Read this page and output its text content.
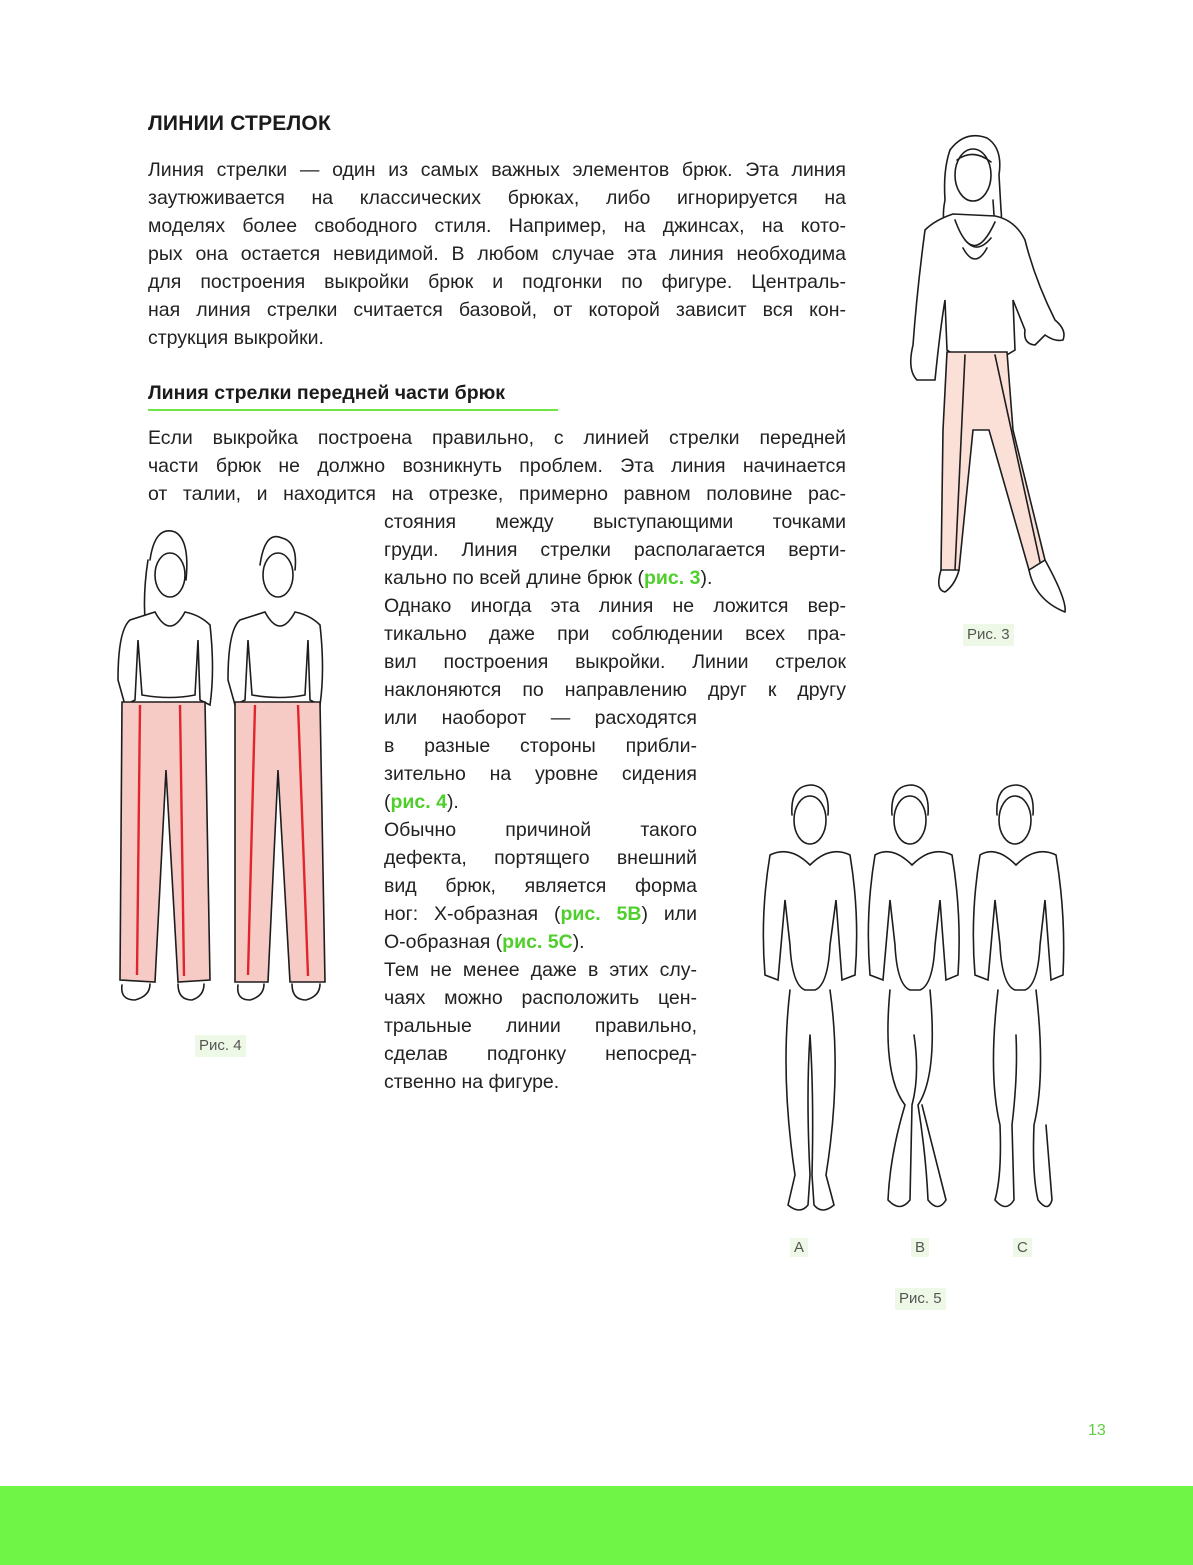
ЛИНИИ СТРЕЛОК
Линия стрелки — один из самых важных элементов брюк. Эта линия
заутюживается на классических брюках, либо игнорируется на
моделях более свободного стиля. Например, на джинсах, на кото-
рых она остается невидимой. В любом случае эта линия необходима
для построения выкройки брюк и подгонки по фигуре. Централь-
ная линия стрелки считается базовой, от которой зависит вся кон-
струкция выкройки.
Линия стрелки передней части брюк
Если выкройка построена правильно, с линией стрелки передней
части брюк не должно возникнуть проблем. Эта линия начинается
от талии, и находится на отрезке, примерно равном половине рас-
стояния между выступающими точками
груди. Линия стрелки располагается верти-
кально по всей длине брюк (рис. 3).
Однако иногда эта линия не ложится вер-
тикально даже при соблюдении всех пра-
вил построения выкройки. Линии стрелок
наклоняются по направлению друг к другу
или наоборот — расходятся
в разные стороны прибли-
зительно на уровне сидения
(рис. 4).
Обычно причиной такого
дефекта, портящего внешний
вид брюк, является форма
ног: Х-образная (рис. 5B) или
О-образная (рис. 5C).
Тем не менее даже в этих слу-
чаях можно расположить цен-
тральные линии правильно,
сделав подгонку непосред-
ственно на фигуре.
Рис. 3
Рис. 4
A	B	C
Рис. 5
13
